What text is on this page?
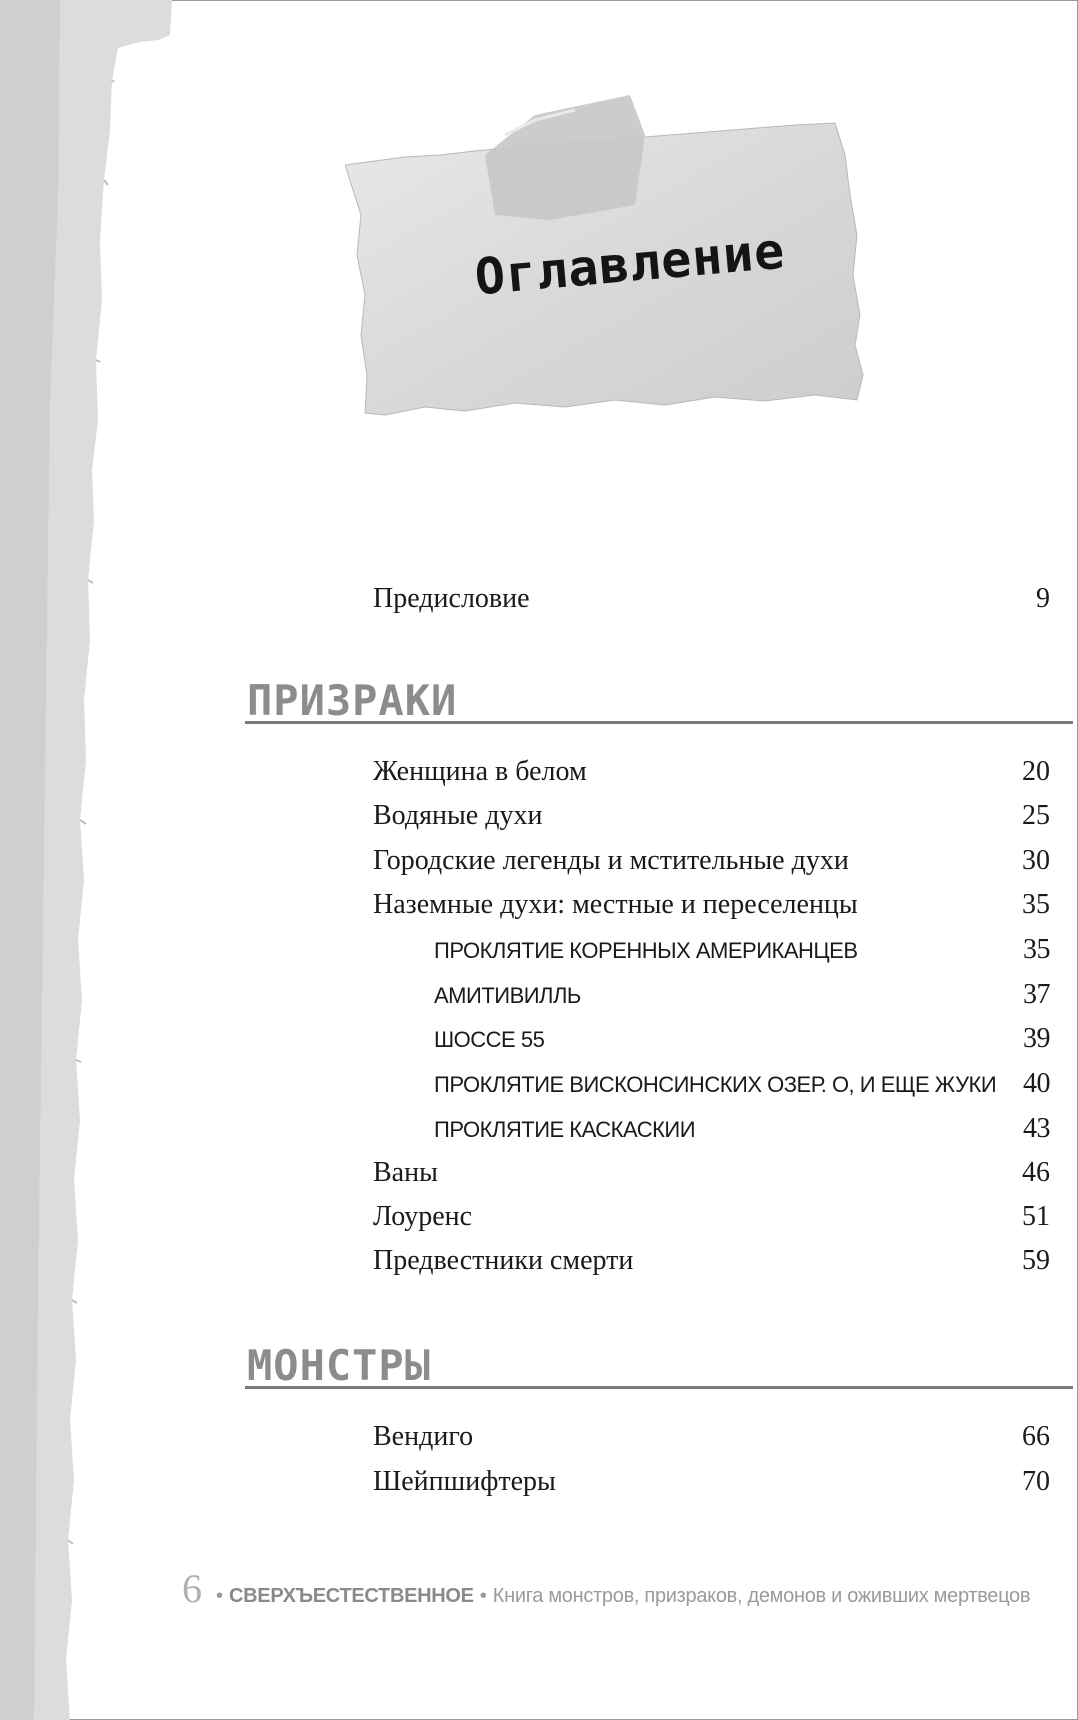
Оглавление
Предисловие	9
ПРИЗРАКИ
Женщина в белом	20
Водяные духи	25
Городские легенды и мстительные духи	30
Наземные духи: местные и переселенцы	35
ПРОКЛЯТИЕ КОРЕННЫХ АМЕРИКАНЦЕВ	35
АМИТИВИЛЛЬ	37
ШОССЕ 55	39
ПРОКЛЯТИЕ ВИСКОНСИНСКИХ ОЗЕР. О, И ЕЩЕ ЖУКИ 40
ПРОКЛЯТИЕ КАСКАСКИИ	43
Ваны	46
Лоуренс	51
Предвестники смерти	59
МОНСТРЫ
Вендиго	66
Шейпшифтеры	70
6 • СВЕРХЪЕСТЕСТВЕННОЕ • Книга монстров, призраков, демонов и оживших мертвецов
